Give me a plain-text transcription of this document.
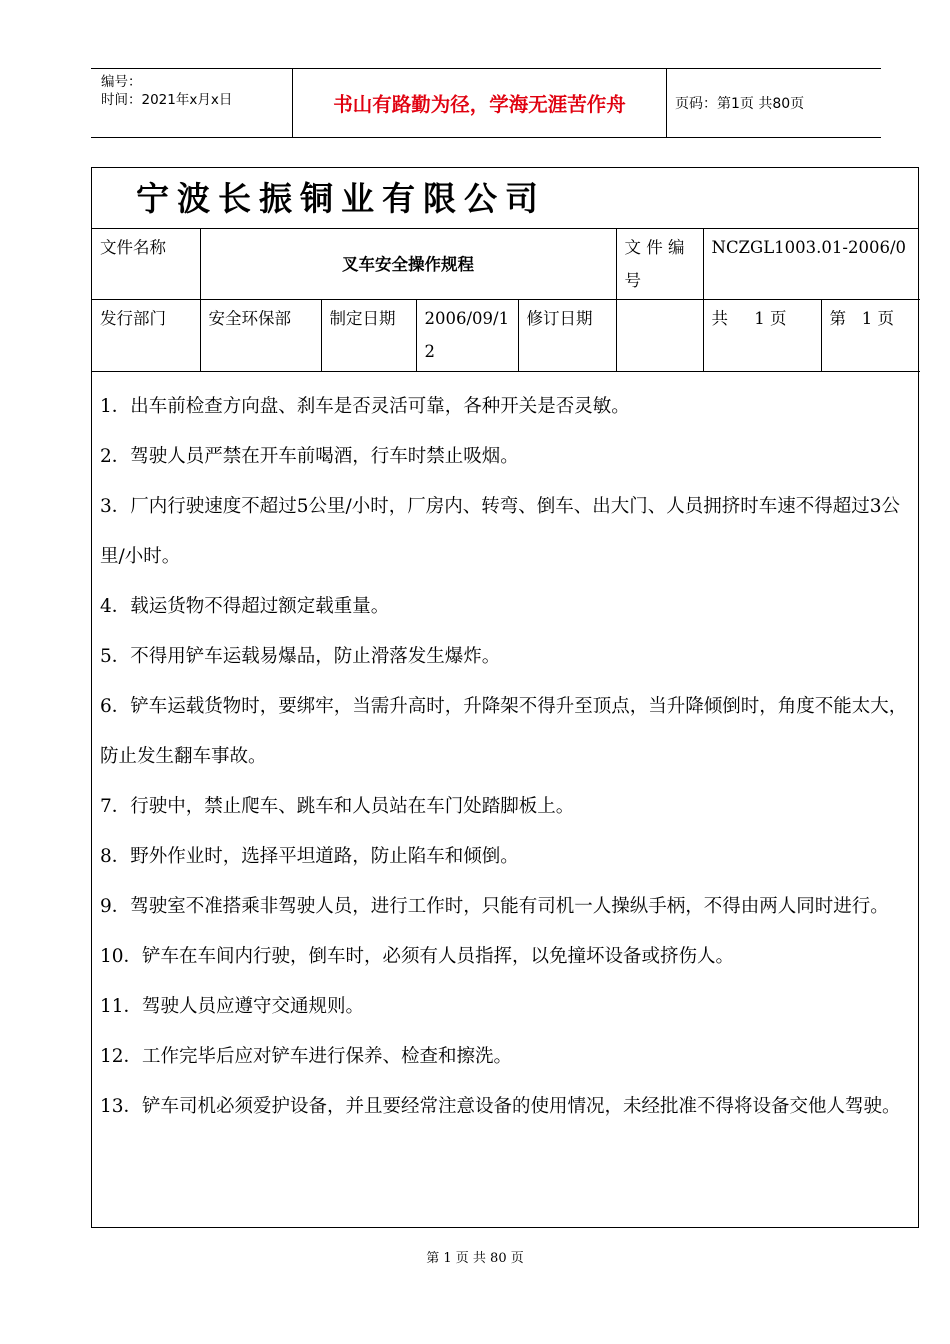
编号：
时间：2021年x月x日	书山有路勤为径，学海无涯苦作舟	页码：第1页 共80页
宁波长振铜业有限公司
文件名称	叉车安全操作规程				文 件 编 号	NCZGL1003.01-2006/0	
发行部门	安全环保部	制定日期	2006/09/12	修订日期		共     1 页	第   1 页
1．出车前检查方向盘、刹车是否灵活可靠，各种开关是否灵敏。
2．驾驶人员严禁在开车前喝酒，行车时禁止吸烟。
3．厂内行驶速度不超过5公里/小时，厂房内、转弯、倒车、出大门、人员拥挤时车速不得超过3公里/小时。
4．载运货物不得超过额定载重量。
5．不得用铲车运载易爆品，防止滑落发生爆炸。
6．铲车运载货物时，要绑牢，当需升高时，升降架不得升至顶点，当升降倾倒时，角度不能太大，防止发生翻车事故。
7．行驶中，禁止爬车、跳车和人员站在车门处踏脚板上。
8．野外作业时，选择平坦道路，防止陷车和倾倒。
9．驾驶室不准搭乘非驾驶人员，进行工作时，只能有司机一人操纵手柄，不得由两人同时进行。
10．铲车在车间内行驶，倒车时，必须有人员指挥，以免撞坏设备或挤伤人。
11．驾驶人员应遵守交通规则。
12．工作完毕后应对铲车进行保养、检查和擦洗。
13．铲车司机必须爱护设备，并且要经常注意设备的使用情况，未经批准不得将设备交他人驾驶。
第 1 页 共 80 页
